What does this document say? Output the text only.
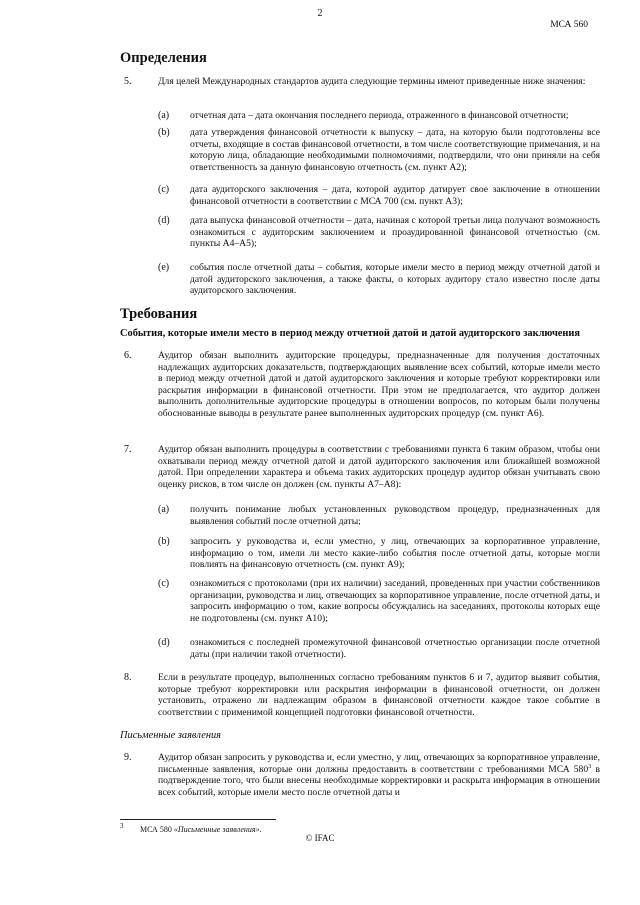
2
МСА 560
Определения
5.	Для целей Международных стандартов аудита следующие термины имеют приведенные ниже значения:
(a) отчетная дата – дата окончания последнего периода, отраженного в финансовой отчетности;
(b) дата утверждения финансовой отчетности к выпуску – дата, на которую были подготовлены все отчеты, входящие в состав финансовой отчетности, в том числе соответствующие примечания, и на которую лица, обладающие необходимыми полномочиями, подтвердили, что они приняли на себя ответственность за данную финансовую отчетность (см. пункт А2);
(c) дата аудиторского заключения – дата, которой аудитор датирует свое заключение в отношении финансовой отчетности в соответствии с МСА 700 (см. пункт А3);
(d) дата выпуска финансовой отчетности – дата, начиная с которой третьи лица получают возможность ознакомиться с аудиторским заключением и проаудированной финансовой отчетностью (см. пункты А4–А5);
(e) события после отчетной даты – события, которые имели место в период между отчетной датой и датой аудиторского заключения, а также факты, о которых аудитору стало известно после даты аудиторского заключения.
Требования
События, которые имели место в период между отчетной датой и датой аудиторского заключения
6.	Аудитор обязан выполнить аудиторские процедуры, предназначенные для получения достаточных надлежащих аудиторских доказательств, подтверждающих выявление всех событий, которые имели место в период между отчетной датой и датой аудиторского заключения и которые требуют корректировки или раскрытия информации в финансовой отчетности. При этом не предполагается, что аудитор должен выполнить дополнительные аудиторские процедуры в отношении вопросов, по которым были получены обоснованные выводы в результате ранее выполненных аудиторских процедур (см. пункт А6).
7.	Аудитор обязан выполнить процедуры в соответствии с требованиями пункта 6 таким образом, чтобы они охватывали период между отчетной датой и датой аудиторского заключения или ближайшей возможной датой. При определении характера и объема таких аудиторских процедур аудитор обязан учитывать свою оценку рисков, в том числе он должен (см. пункты А7–А8):
(a) получить понимание любых установленных руководством процедур, предназначенных для выявления событий после отчетной даты;
(b) запросить у руководства и, если уместно, у лиц, отвечающих за корпоративное управление, информацию о том, имели ли место какие-либо события после отчетной даты, которые могли повлиять на финансовую отчетность (см. пункт А9);
(c) ознакомиться с протоколами (при их наличии) заседаний, проведенных при участии собственников организации, руководства и лиц, отвечающих за корпоративное управление, после отчетной даты, и запросить информацию о том, какие вопросы обсуждались на заседаниях, протоколы которых еще не подготовлены (см. пункт А10);
(d) ознакомиться с последней промежуточной финансовой отчетностью организации после отчетной даты (при наличии такой отчетности).
8.	Если в результате процедур, выполненных согласно требованиям пунктов 6 и 7, аудитор выявит события, которые требуют корректировки или раскрытия информации в финансовой отчетности, он должен установить, отражено ли надлежащим образом в финансовой отчетности каждое такое событие в соответствии с применимой концепцией подготовки финансовой отчетности.
Письменные заявления
9.	Аудитор обязан запросить у руководства и, если уместно, у лиц, отвечающих за корпоративное управление, письменные заявления, которые они должны предоставить в соответствии с требованиями МСА $580^3$ в подтверждение того, что были внесены необходимые корректировки и раскрыта информация в отношении всех событий, которые имели место после отчетной даты и
3 МСА 580 «Письменные заявления».
© IFAC
